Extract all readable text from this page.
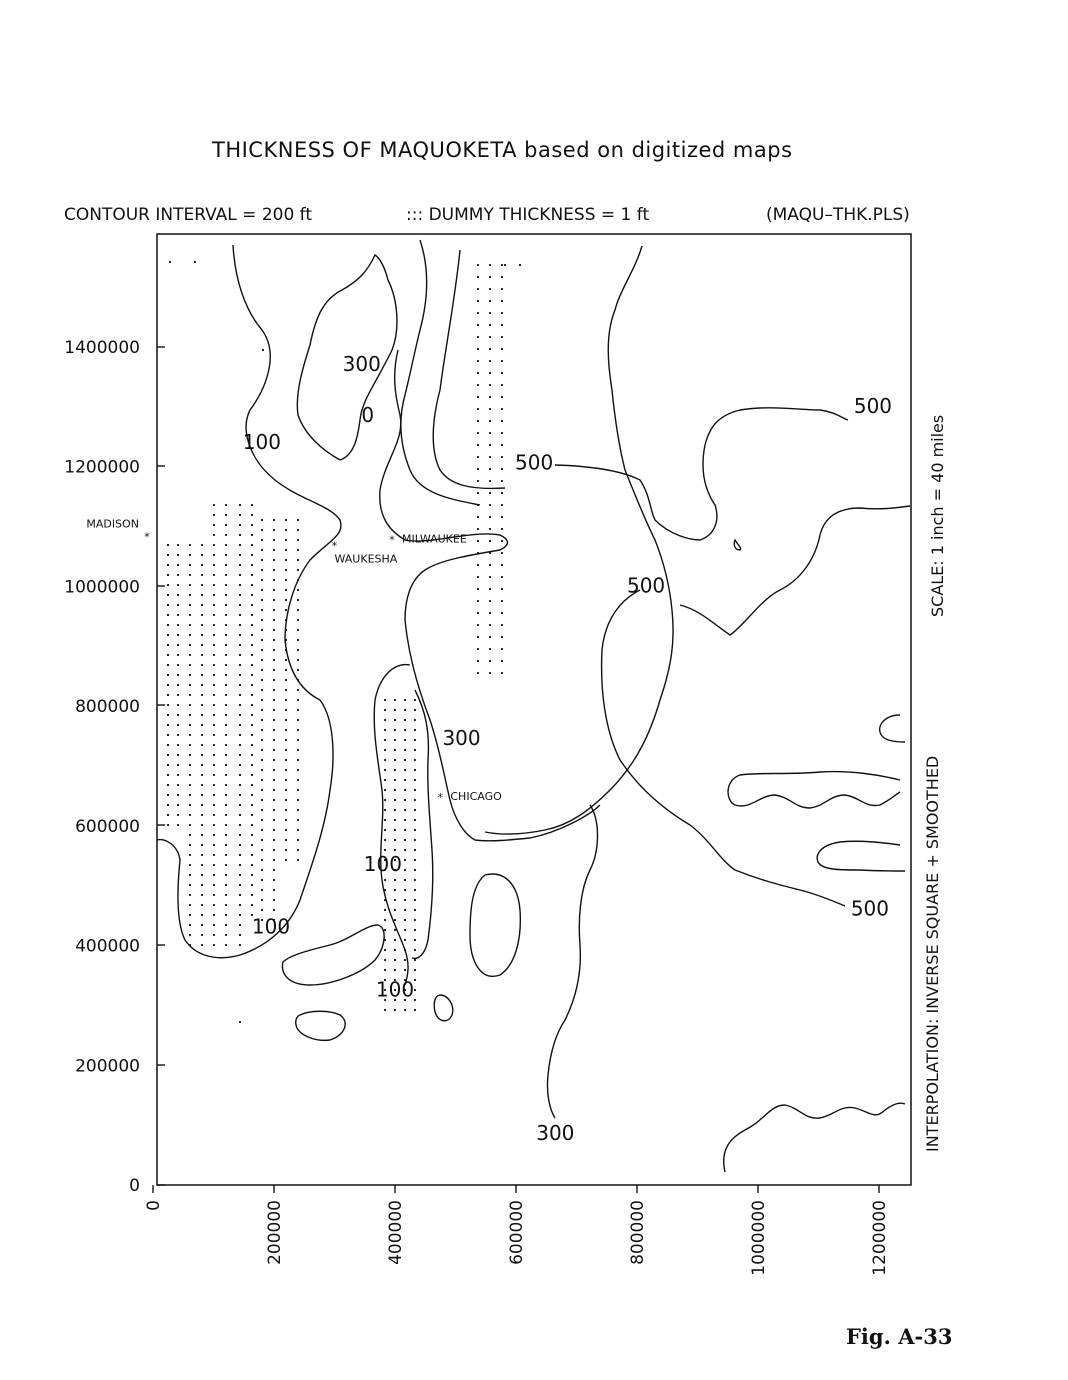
THICKNESS OF MAQUOKETA based on digitized maps
CONTOUR INTERVAL = 200 ft	::: DUMMY THICKNESS = 1 ft	(MAQU–THK.PLS)
Fig. A-33
300
0
100
500
500
500
300
100
100
100
500
300
*
MADISON
*
WAUKESHA
* MILWAUKEE
* CHICAGO
0
200000
400000
600000
800000
1000000
1200000
1400000
0	200000	400000	600000	800000	1000000	1200000
SCALE: 1 inch = 40 miles
INTERPOLATION: INVERSE SQUARE + SMOOTHED
